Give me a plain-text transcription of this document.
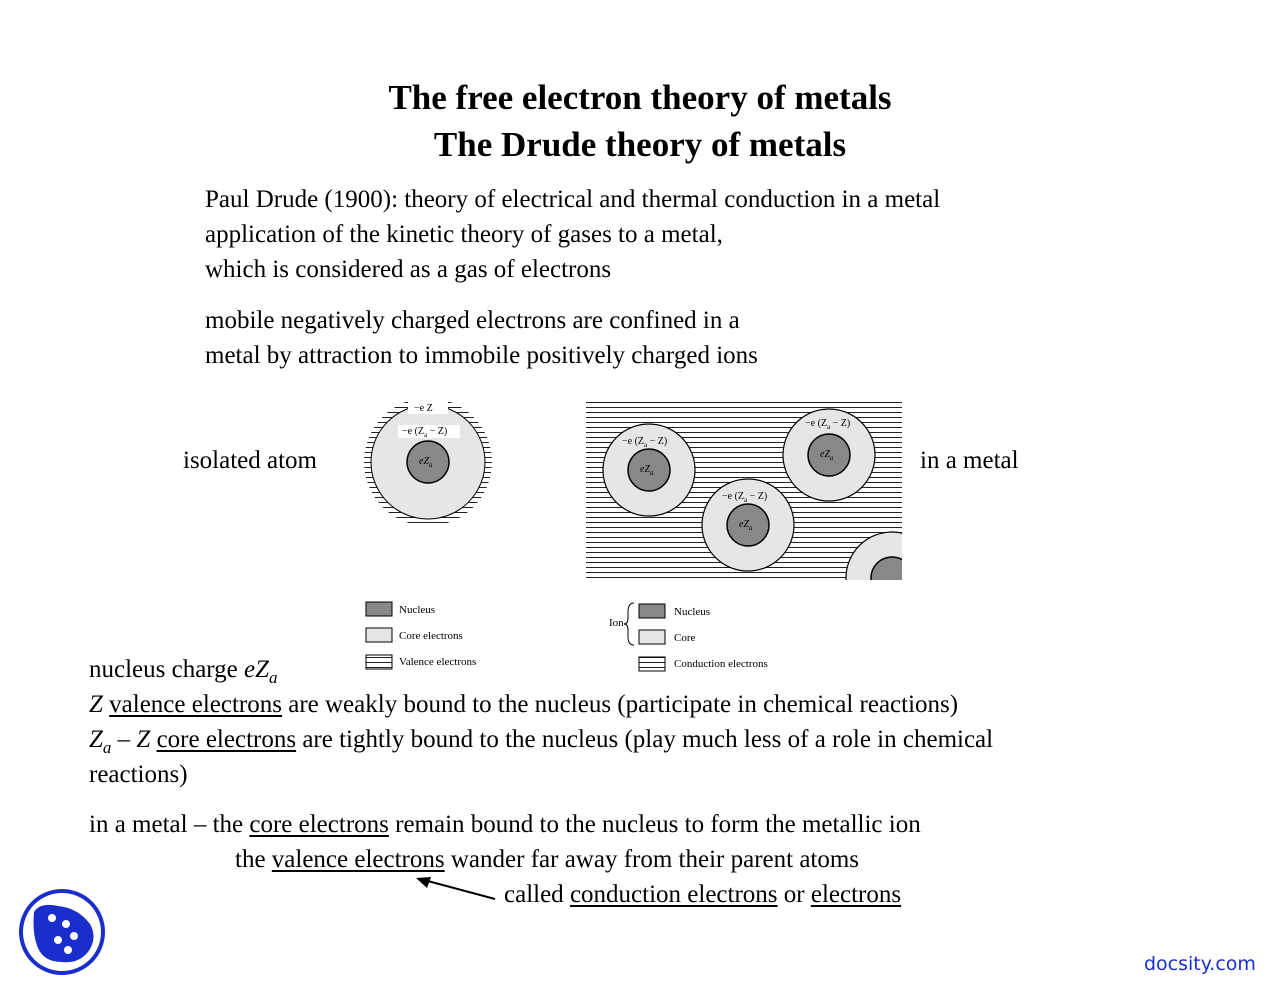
The free electron theory of metals
The Drude theory of metals
Paul Drude (1900): theory of electrical and thermal conduction in a metal
application of the kinetic theory of gases to a metal,
which is considered as a gas of electrons
mobile negatively charged electrons are confined in a
metal by attraction to immobile positively charged ions
isolated atom	in a metal
−e Z
−e $(Z_a - Z)$
$eZ_a$
−e $(Z_a - Z)$
$eZ_a$
−e $(Z_a - Z)$
$eZ_a$
−e $(Z_a - Z)$
$eZ_a$
Nucleus
Core electrons
Valence electrons
Ion
Nucleus
Core
Conduction electrons
nucleus charge $eZ_a$
Z valence electrons are weakly bound to the nucleus (participate in chemical reactions)
$Z_a$ – Z core electrons are tightly bound to the nucleus (play much less of a role in chemical
reactions)
in a metal – the core electrons remain bound to the nucleus to form the metallic ion
the valence electrons wander far away from their parent atoms
called conduction electrons or electrons
docsity.com
